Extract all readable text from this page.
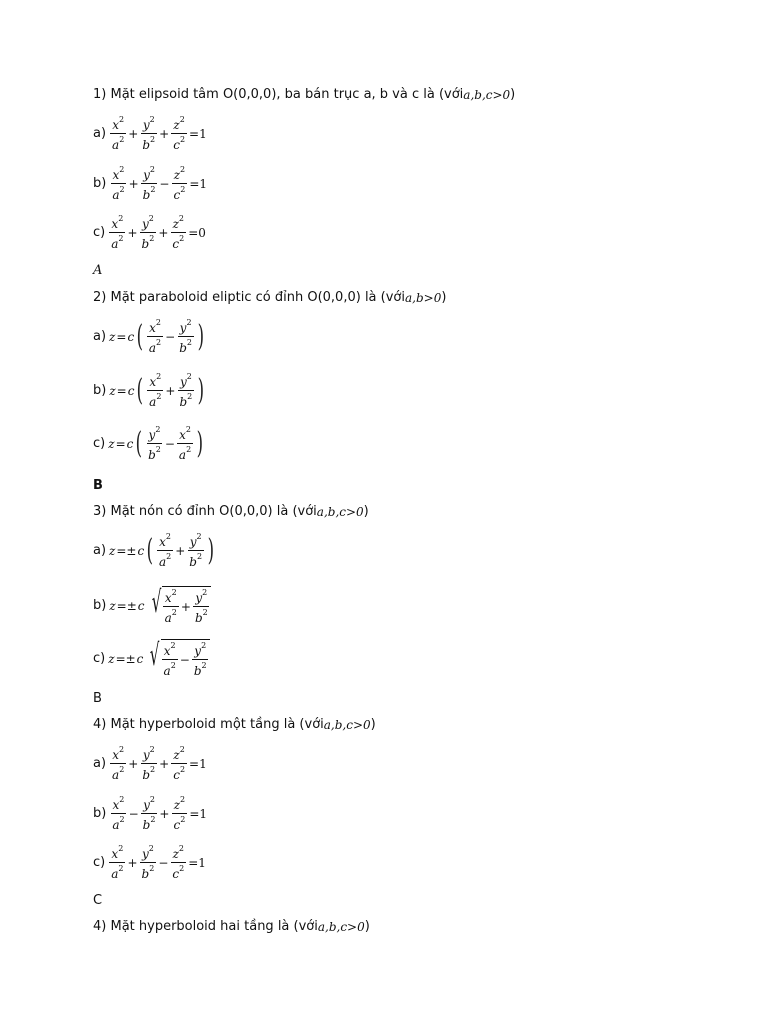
1) Mặt elipsoid tâm O(0,0,0), ba bán trục a, b và c là (với a,b,c>0 )
$a) \frac{x^2}{a^2} + \frac{y^2}{b^2} + \frac{z^2}{c^2} =1$
$b) \frac{x^2}{a^2} + \frac{y^2}{b^2} - \frac{z^2}{c^2} =1$
$c) \frac{x^2}{a^2} + \frac{y^2}{b^2} + \frac{z^2}{c^2} =0$
A
2) Mặt paraboloid eliptic có đỉnh O(0,0,0) là (với a,b>0 )
a) z = c ( $\frac{x^2}{a^2} - \frac{y^2}{b^2}$ )
b) z = c ( $\frac{x^2}{a^2} + \frac{y^2}{b^2}$ )
c) z = c ( $\frac{y^2}{b^2} - \frac{x^2}{a^2}$ )
B
3) Mặt nón có đỉnh O(0,0,0) là (với a,b,c>0 )
a) z =± c ( $\frac{x^2}{a^2} + \frac{y^2}{b^2}$ )
b) z =± c √ $\frac{x^2}{a^2} + \frac{y^2}{b^2}$
c) z =± c √ $\frac{x^2}{a^2} - \frac{y^2}{b^2}$
B
4) Mặt hyperboloid một tầng là (với a,b,c>0 )
$a) \frac{x^2}{a^2} + \frac{y^2}{b^2} + \frac{z^2}{c^2} =1$
$b) \frac{x^2}{a^2} - \frac{y^2}{b^2} + \frac{z^2}{c^2} =1$
$c) \frac{x^2}{a^2} + \frac{y^2}{b^2} - \frac{z^2}{c^2} =1$
C
4) Mặt hyperboloid hai tầng là (với a,b,c>0 )
